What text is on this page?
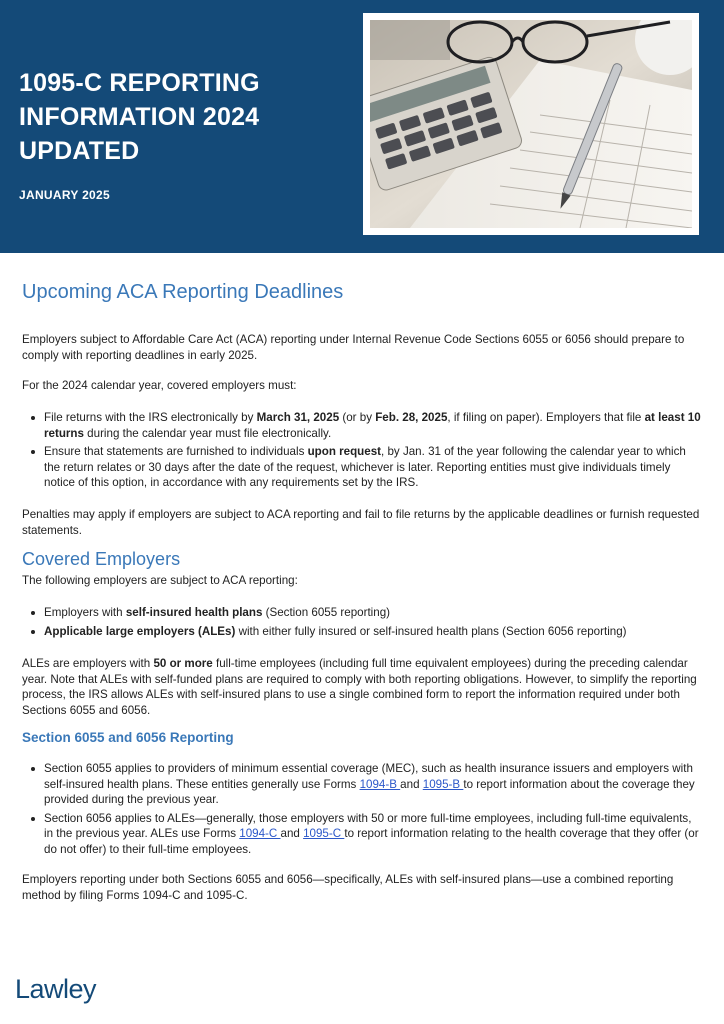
1095-C REPORTING
INFORMATION 2024
UPDATED
JANUARY 2025
Upcoming ACA Reporting Deadlines

Employers subject to Affordable Care Act (ACA) reporting under Internal Revenue Code Sections 6055 or 6056 should prepare to comply with reporting deadlines in early 2025.

For the 2024 calendar year, covered employers must:

File returns with the IRS electronically by March 31, 2025 (or by Feb. 28, 2025, if filing on paper). Employers that file at least 10 returns during the calendar year must file electronically.
Ensure that statements are furnished to individuals upon request, by Jan. 31 of the year following the calendar year to which the return relates or 30 days after the date of the request, whichever is later. Reporting entities must give individuals timely notice of this option, in accordance with any requirements set by the IRS.

Penalties may apply if employers are subject to ACA reporting and fail to file returns by the applicable deadlines or furnish requested statements.

Covered Employers

The following employers are subject to ACA reporting:

Employers with self-insured health plans (Section 6055 reporting)
Applicable large employers (ALEs) with either fully insured or self-insured health plans (Section 6056 reporting)

ALEs are employers with 50 or more full-time employees (including full time equivalent employees) during the preceding calendar year. Note that ALEs with self-funded plans are required to comply with both reporting obligations. However, to simplify the reporting process, the IRS allows ALEs with self-insured plans to use a single combined form to report the information required under both Sections 6055 and 6056.

Section 6055 and 6056 Reporting
Section 6055 applies to providers of minimum essential coverage (MEC), such as health insurance issuers and employers with self-insured health plans. These entities generally use Forms 1094-B and 1095-B to report information about the coverage they provided during the previous year.
Section 6056 applies to ALEs—generally, those employers with 50 or more full-time employees, including full-time equivalents, in the previous year. ALEs use Forms 1094-C and 1095-C to report information relating to the health coverage that they offer (or do not offer) to their full-time employees.

Employers reporting under both Sections 6055 and 6056—specifically, ALEs with self-insured plans—use a combined reporting method by filing Forms 1094-C and 1095-C.

Lawley
